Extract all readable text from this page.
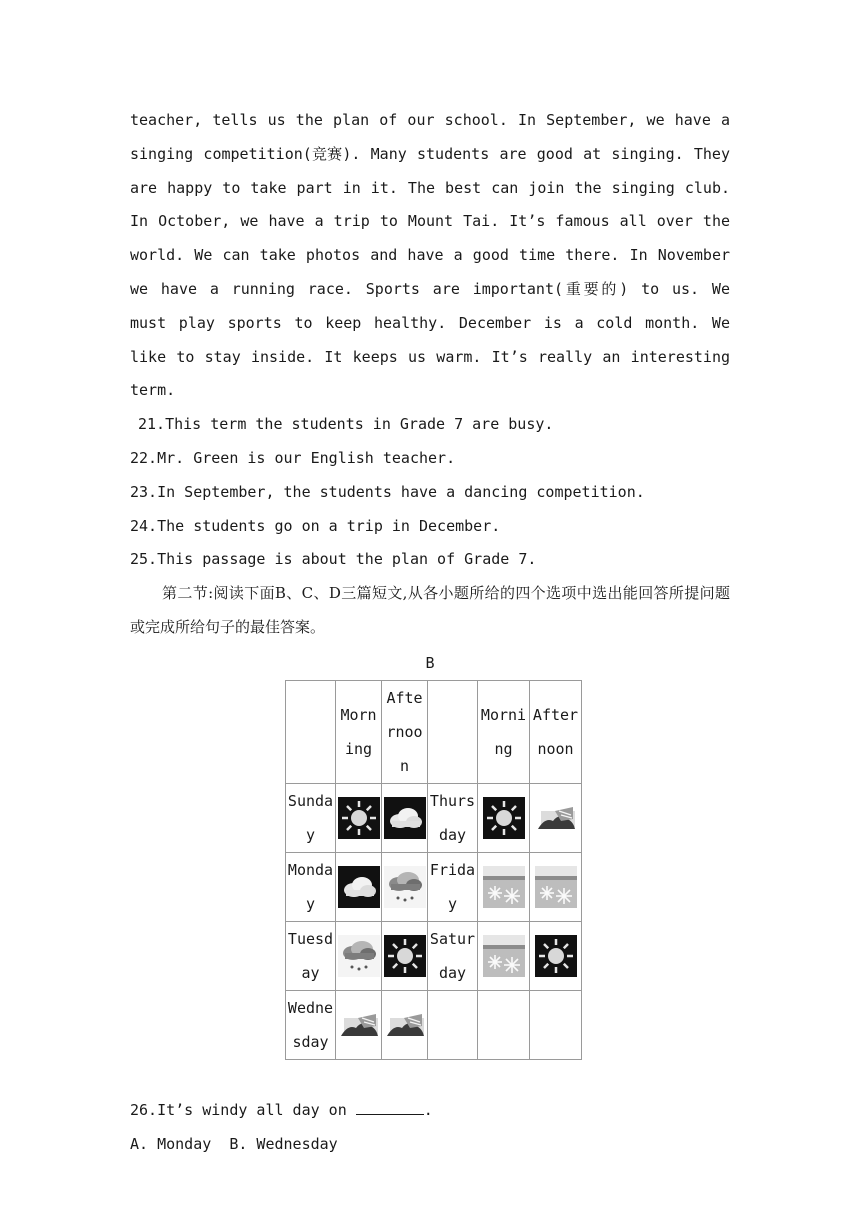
teacher, tells us the plan of our school. In September, we have a singing competition(竞赛). Many students are good at singing. They are happy to take part in it. The best can join the singing club. In October, we have a trip to Mount Tai. It’s famous all over the world. We can take photos and have a good time there. In November we have a running race. Sports are important(重要的) to us. We must play sports to keep healthy. December is a cold month. We like to stay inside. It keeps us warm. It’s really an interesting term.

21.This term the students in Grade 7 are busy.

22.Mr. Green is our English teacher.

23.In September, the students have a dancing competition.

24.The students go on a trip in December.

25.This passage is about the plan of Grade 7.

第二节:阅读下面B、C、D三篇短文,从各小题所给的四个选项中选出能回答所提问题或完成所给句子的最佳答案。

B

	Morning	Afternoon		Morning	Afternoon
Sunday			Thursday		
Monday			Friday		
Tuesday			Saturday		
Wednesday					

26.It’s windy all day on	.

A. Monday  B. Wednesday
